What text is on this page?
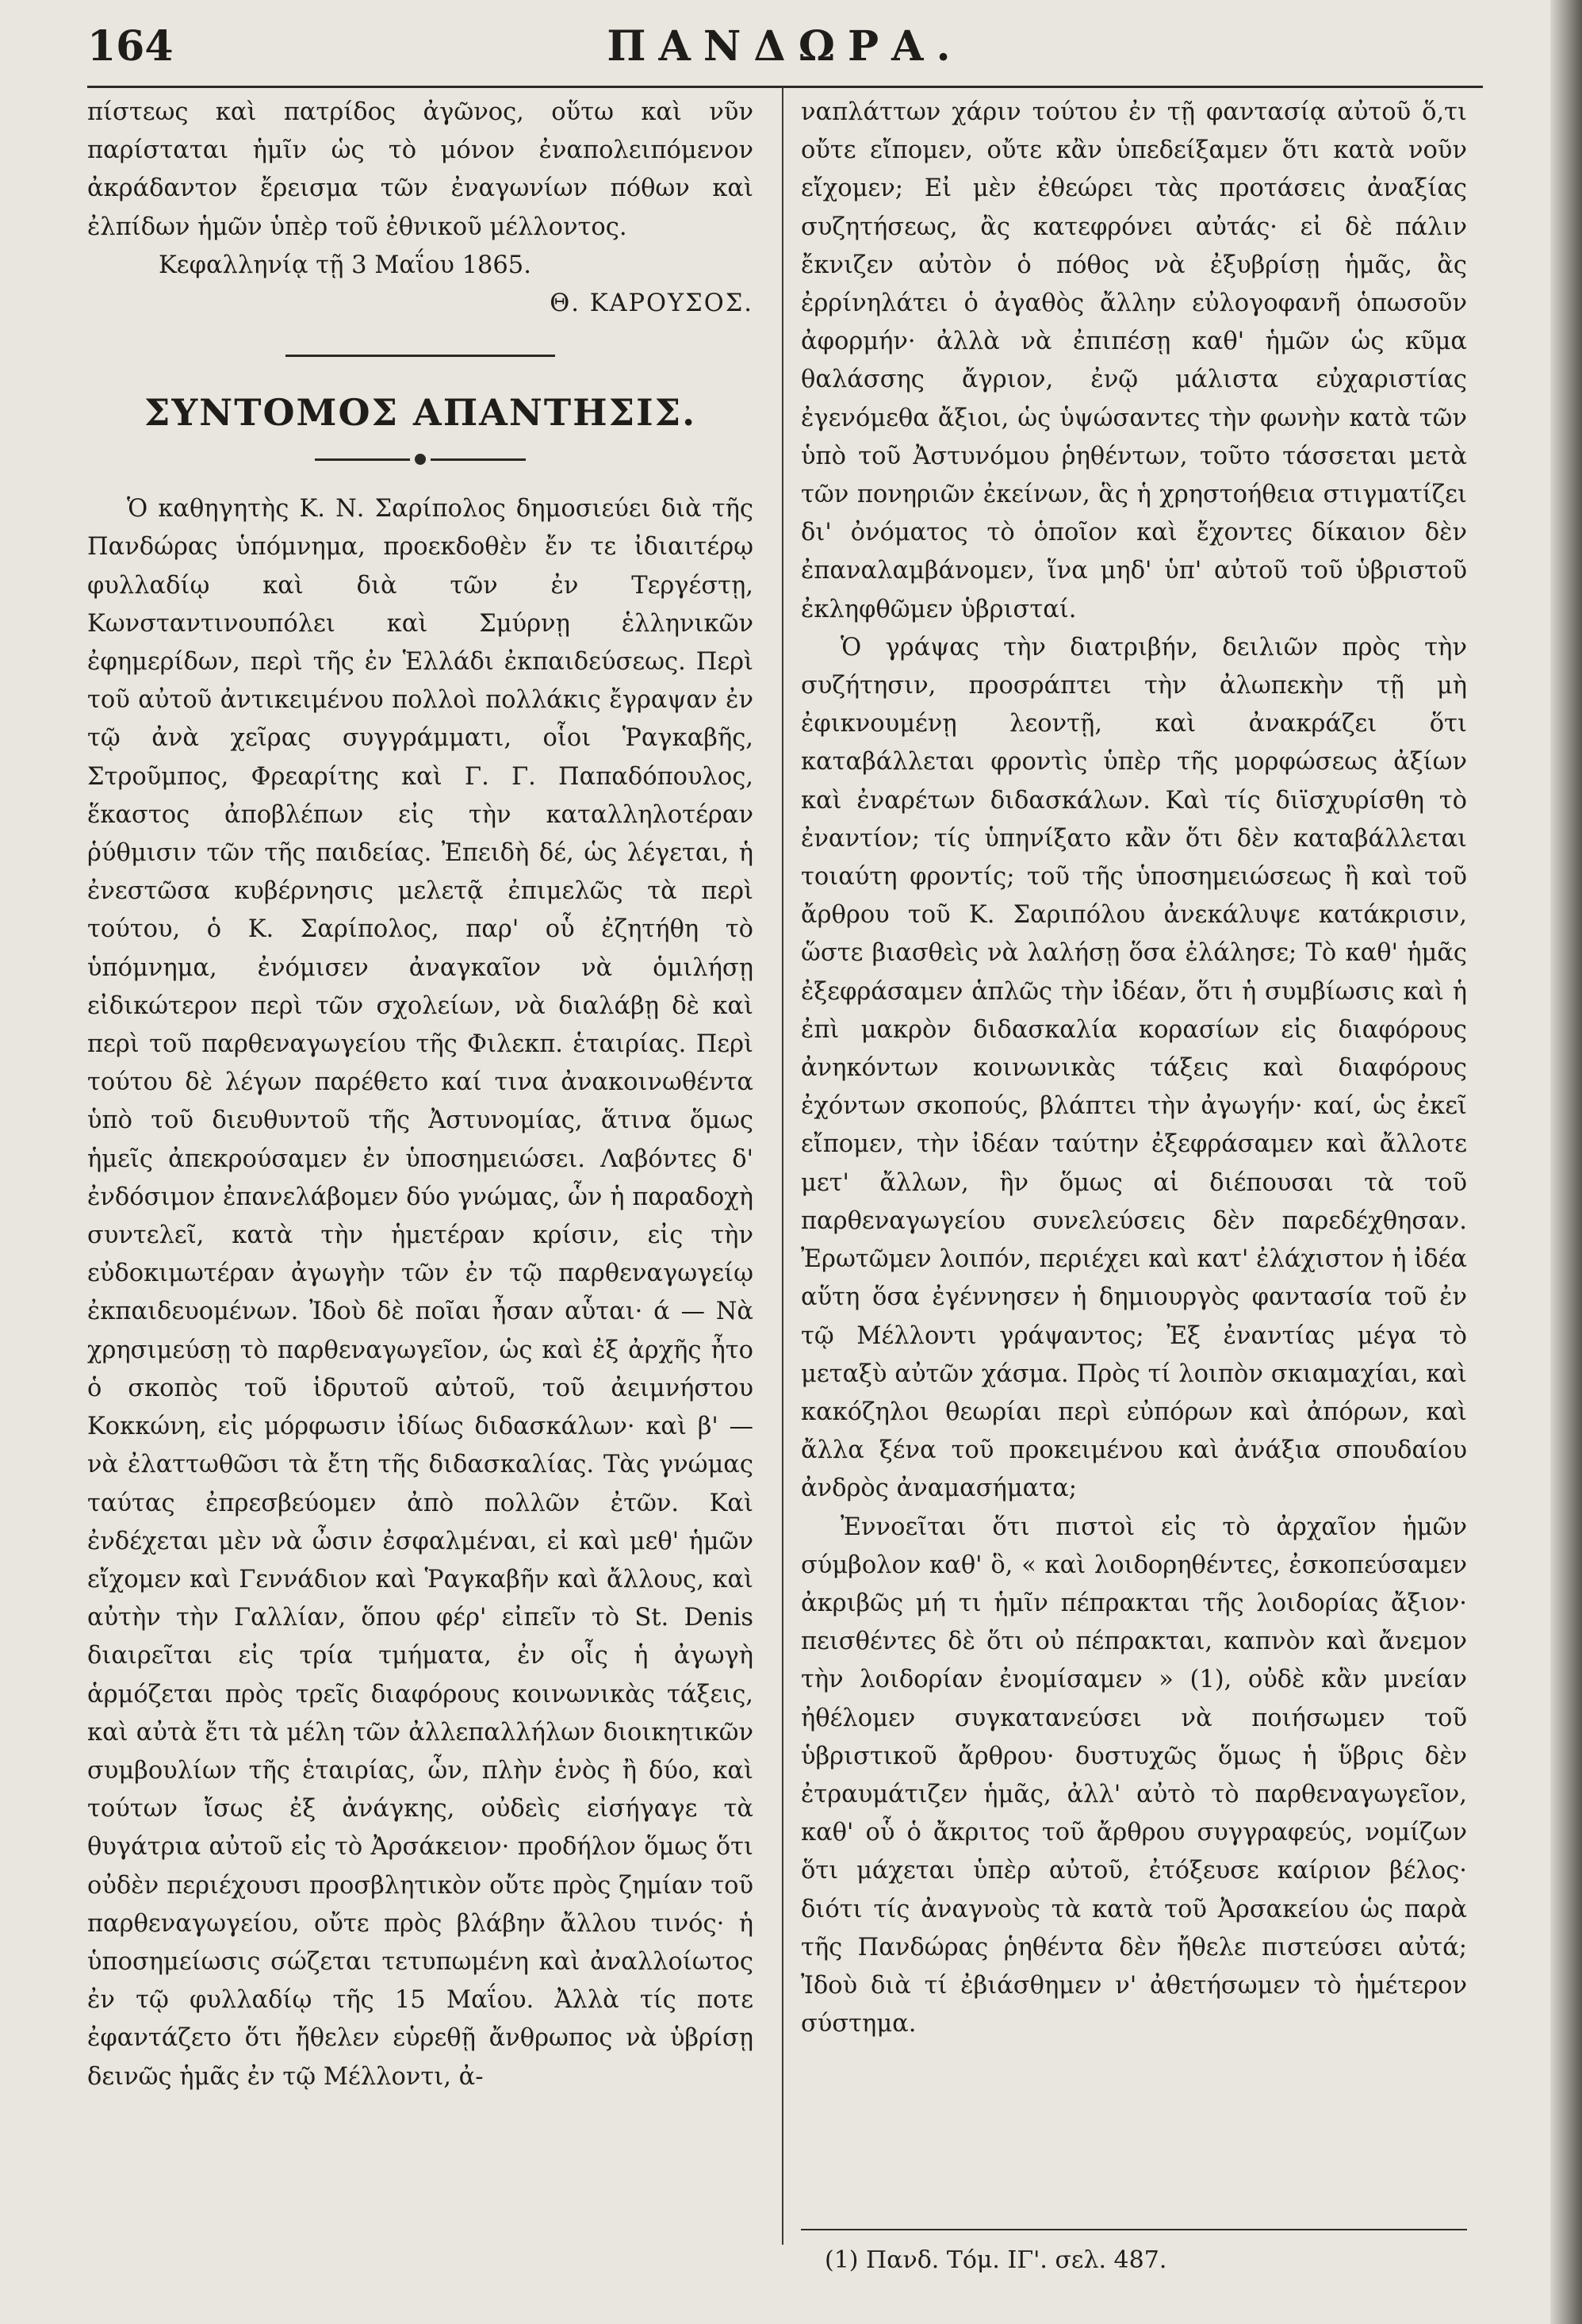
164	ΠΑΝΔΩΡΑ.

πίστεως καὶ πατρίδος ἀγῶνος, οὕτω καὶ νῦν παρίσταται ἡμῖν ὡς τὸ μόνον ἐναπολειπόμενον ἀκράδαντον ἔρεισμα τῶν ἐναγωνίων πόθων καὶ ἐλπίδων ἡμῶν ὑπὲρ τοῦ ἐθνικοῦ μέλλοντος.

Κεφαλληνίᾳ τῇ 3 Μαΐου 1865.

Θ. ΚΑΡΟΥΣΟΣ.

ΣΥΝΤΟΜΟΣ ΑΠΑΝΤΗΣΙΣ.

Ὁ καθηγητὴς Κ. Ν. Σαρίπολος δημοσιεύει διὰ τῆς Πανδώρας ὑπόμνημα, προεκδοθὲν ἔν τε ἰδιαιτέρῳ φυλλαδίῳ καὶ διὰ τῶν ἐν Τεργέστῃ, Κωνσταντινουπόλει καὶ Σμύρνῃ ἑλληνικῶν ἐφημερίδων, περὶ τῆς ἐν Ἑλλάδι ἐκπαιδεύσεως. Περὶ τοῦ αὐτοῦ ἀντικειμένου πολλοὶ πολλάκις ἔγραψαν ἐν τῷ ἀνὰ χεῖρας συγγράμματι, οἷοι Ῥαγκαβῆς, Στροῦμπος, Φρεαρίτης καὶ Γ. Γ. Παπαδόπουλος, ἕκαστος ἀποβλέπων εἰς τὴν καταλληλοτέραν ῥύθμισιν τῶν τῆς παιδείας. Ἐπειδὴ δέ, ὡς λέγεται, ἡ ἐνεστῶσα κυβέρνησις μελετᾷ ἐπιμελῶς τὰ περὶ τούτου, ὁ Κ. Σαρίπολος, παρ' οὗ ἐζητήθη τὸ ὑπόμνημα, ἐνόμισεν ἀναγκαῖον νὰ ὁμιλήσῃ εἰδικώτερον περὶ τῶν σχολείων, νὰ διαλάβῃ δὲ καὶ περὶ τοῦ παρθεναγωγείου τῆς Φιλεκπ. ἑταιρίας. Περὶ τούτου δὲ λέγων παρέθετο καί τινα ἀνακοινωθέντα ὑπὸ τοῦ διευθυντοῦ τῆς Ἀστυνομίας, ἅτινα ὅμως ἡμεῖς ἀπεκρούσαμεν ἐν ὑποσημειώσει. Λαβόντες δ' ἐνδόσιμον ἐπανελάβομεν δύο γνώμας, ὧν ἡ παραδοχὴ συντελεῖ, κατὰ τὴν ἡμετέραν κρίσιν, εἰς τὴν εὐδοκιμωτέραν ἀγωγὴν τῶν ἐν τῷ παρθεναγωγείῳ ἐκπαιδευομένων. Ἰδοὺ δὲ ποῖαι ἦσαν αὗται· ά — Νὰ χρησιμεύσῃ τὸ παρθεναγωγεῖον, ὡς καὶ ἐξ ἀρχῆς ἦτο ὁ σκοπὸς τοῦ ἱδρυτοῦ αὐτοῦ, τοῦ ἀειμνήστου Κοκκώνη, εἰς μόρφωσιν ἰδίως διδασκάλων· καὶ β' — νὰ ἐλαττωθῶσι τὰ ἔτη τῆς διδασκαλίας. Τὰς γνώμας ταύτας ἐπρεσβεύομεν ἀπὸ πολλῶν ἐτῶν. Καὶ ἐνδέχεται μὲν νὰ ὦσιν ἐσφαλμέναι, εἰ καὶ μεθ' ἡμῶν εἴχομεν καὶ Γεννάδιον καὶ Ῥαγκαβῆν καὶ ἄλλους, καὶ αὐτὴν τὴν Γαλλίαν, ὅπου φέρ' εἰπεῖν τὸ St. Denis διαιρεῖται εἰς τρία τμήματα, ἐν οἷς ἡ ἀγωγὴ ἁρμόζεται πρὸς τρεῖς διαφόρους κοινωνικὰς τάξεις, καὶ αὐτὰ ἔτι τὰ μέλη τῶν ἀλλεπαλλήλων διοικητικῶν συμβουλίων τῆς ἑταιρίας, ὧν, πλὴν ἑνὸς ἢ δύο, καὶ τούτων ἴσως ἐξ ἀνάγκης, οὐδεὶς εἰσήγαγε τὰ θυγάτρια αὐτοῦ εἰς τὸ Ἀρσάκειον· προδήλον ὅμως ὅτι οὐδὲν περιέχουσι προσβλητικὸν οὔτε πρὸς ζημίαν τοῦ παρθεναγωγείου, οὔτε πρὸς βλάβην ἄλλου τινός· ἡ ὑποσημείωσις σώζεται τετυπωμένη καὶ ἀναλλοίωτος ἐν τῷ φυλλαδίῳ τῆς 15 Μαΐου. Ἀλλὰ τίς ποτε ἐφαντάζετο ὅτι ἤθελεν εὑρεθῇ ἄνθρωπος νὰ ὑβρίσῃ δεινῶς ἡμᾶς ἐν τῷ Μέλλοντι, ἀ-

ναπλάττων χάριν τούτου ἐν τῇ φαντασίᾳ αὐτοῦ ὅ,τι οὔτε εἴπομεν, οὔτε κἂν ὑπεδείξαμεν ὅτι κατὰ νοῦν εἴχομεν; Εἰ μὲν ἐθεώρει τὰς προτάσεις ἀναξίας συζητήσεως, ἂς κατεφρόνει αὐτάς· εἰ δὲ πάλιν ἔκνιζεν αὐτὸν ὁ πόθος νὰ ἐξυβρίσῃ ἡμᾶς, ἂς ἐρρίνηλάτει ὁ ἀγαθὸς ἄλλην εὐλογοφανῆ ὁπωσοῦν ἀφορμήν· ἀλλὰ νὰ ἐπιπέσῃ καθ' ἡμῶν ὡς κῦμα θαλάσσης ἄγριον, ἐνῷ μάλιστα εὐχαριστίας ἐγενόμεθα ἄξιοι, ὡς ὑψώσαντες τὴν φωνὴν κατὰ τῶν ὑπὸ τοῦ Ἀστυνόμου ῥηθέντων, τοῦτο τάσσεται μετὰ τῶν πονηριῶν ἐκείνων, ἃς ἡ χρηστοήθεια στιγματίζει δι' ὀνόματος τὸ ὁποῖον καὶ ἔχοντες δίκαιον δὲν ἐπαναλαμβάνομεν, ἵνα μηδ' ὑπ' αὐτοῦ τοῦ ὑβριστοῦ ἐκληφθῶμεν ὑβρισταί.

Ὁ γράψας τὴν διατριβήν, δειλιῶν πρὸς τὴν συζήτησιν, προσράπτει τὴν ἀλωπεκὴν τῇ μὴ ἐφικνουμένῃ λεοντῇ, καὶ ἀνακράζει ὅτι καταβάλλεται φροντὶς ὑπὲρ τῆς μορφώσεως ἀξίων καὶ ἐναρέτων διδασκάλων. Καὶ τίς διϊσχυρίσθη τὸ ἐναντίον; τίς ὑπηνίξατο κἂν ὅτι δὲν καταβάλλεται τοιαύτη φροντίς; τοῦ τῆς ὑποσημειώσεως ἢ καὶ τοῦ ἄρθρου τοῦ Κ. Σαριπόλου ἀνεκάλυψε κατάκρισιν, ὥστε βιασθεὶς νὰ λαλήσῃ ὅσα ἐλάλησε; Τὸ καθ' ἡμᾶς ἐξεφράσαμεν ἁπλῶς τὴν ἰδέαν, ὅτι ἡ συμβίωσις καὶ ἡ ἐπὶ μακρὸν διδασκαλία κορασίων εἰς διαφόρους ἀνηκόντων κοινωνικὰς τάξεις καὶ διαφόρους ἐχόντων σκοπούς, βλάπτει τὴν ἀγωγήν· καί, ὡς ἐκεῖ εἴπομεν, τὴν ἰδέαν ταύτην ἐξεφράσαμεν καὶ ἄλλοτε μετ' ἄλλων, ἣν ὅμως αἱ διέπουσαι τὰ τοῦ παρθεναγωγείου συνελεύσεις δὲν παρεδέχθησαν. Ἐρωτῶμεν λοιπόν, περιέχει καὶ κατ' ἐλάχιστον ἡ ἰδέα αὕτη ὅσα ἐγέννησεν ἡ δημιουργὸς φαντασία τοῦ ἐν τῷ Μέλλοντι γράψαντος; Ἐξ ἐναντίας μέγα τὸ μεταξὺ αὐτῶν χάσμα. Πρὸς τί λοιπὸν σκιαμαχίαι, καὶ κακόζηλοι θεωρίαι περὶ εὐπόρων καὶ ἀπόρων, καὶ ἄλλα ξένα τοῦ προκειμένου καὶ ἀνάξια σπουδαίου ἀνδρὸς ἀναμασήματα;

Ἐννοεῖται ὅτι πιστοὶ εἰς τὸ ἀρχαῖον ἡμῶν σύμβολον καθ' ὃ, « καὶ λοιδορηθέντες, ἐσκοπεύσαμεν ἀκριβῶς μή τι ἡμῖν πέπρακται τῆς λοιδορίας ἄξιον· πεισθέντες δὲ ὅτι οὐ πέπρακται, καπνὸν καὶ ἄνεμον τὴν λοιδορίαν ἐνομίσαμεν » (1), οὐδὲ κἂν μνείαν ἠθέλομεν συγκατανεύσει νὰ ποιήσωμεν τοῦ ὑβριστικοῦ ἄρθρου· δυστυχῶς ὅμως ἡ ὕβρις δὲν ἐτραυμάτιζεν ἡμᾶς, ἀλλ' αὐτὸ τὸ παρθεναγωγεῖον, καθ' οὗ ὁ ἄκριτος τοῦ ἄρθρου συγγραφεύς, νομίζων ὅτι μάχεται ὑπὲρ αὐτοῦ, ἐτόξευσε καίριον βέλος· διότι τίς ἀναγνοὺς τὰ κατὰ τοῦ Ἀρσακείου ὡς παρὰ τῆς Πανδώρας ῥηθέντα δὲν ἤθελε πιστεύσει αὐτά; Ἰδοὺ διὰ τί ἐβιάσθημεν ν' ἀθετήσωμεν τὸ ἡμέτερον σύστημα.

(1) Πανδ. Τόμ. ΙΓ'. σελ. 487.
